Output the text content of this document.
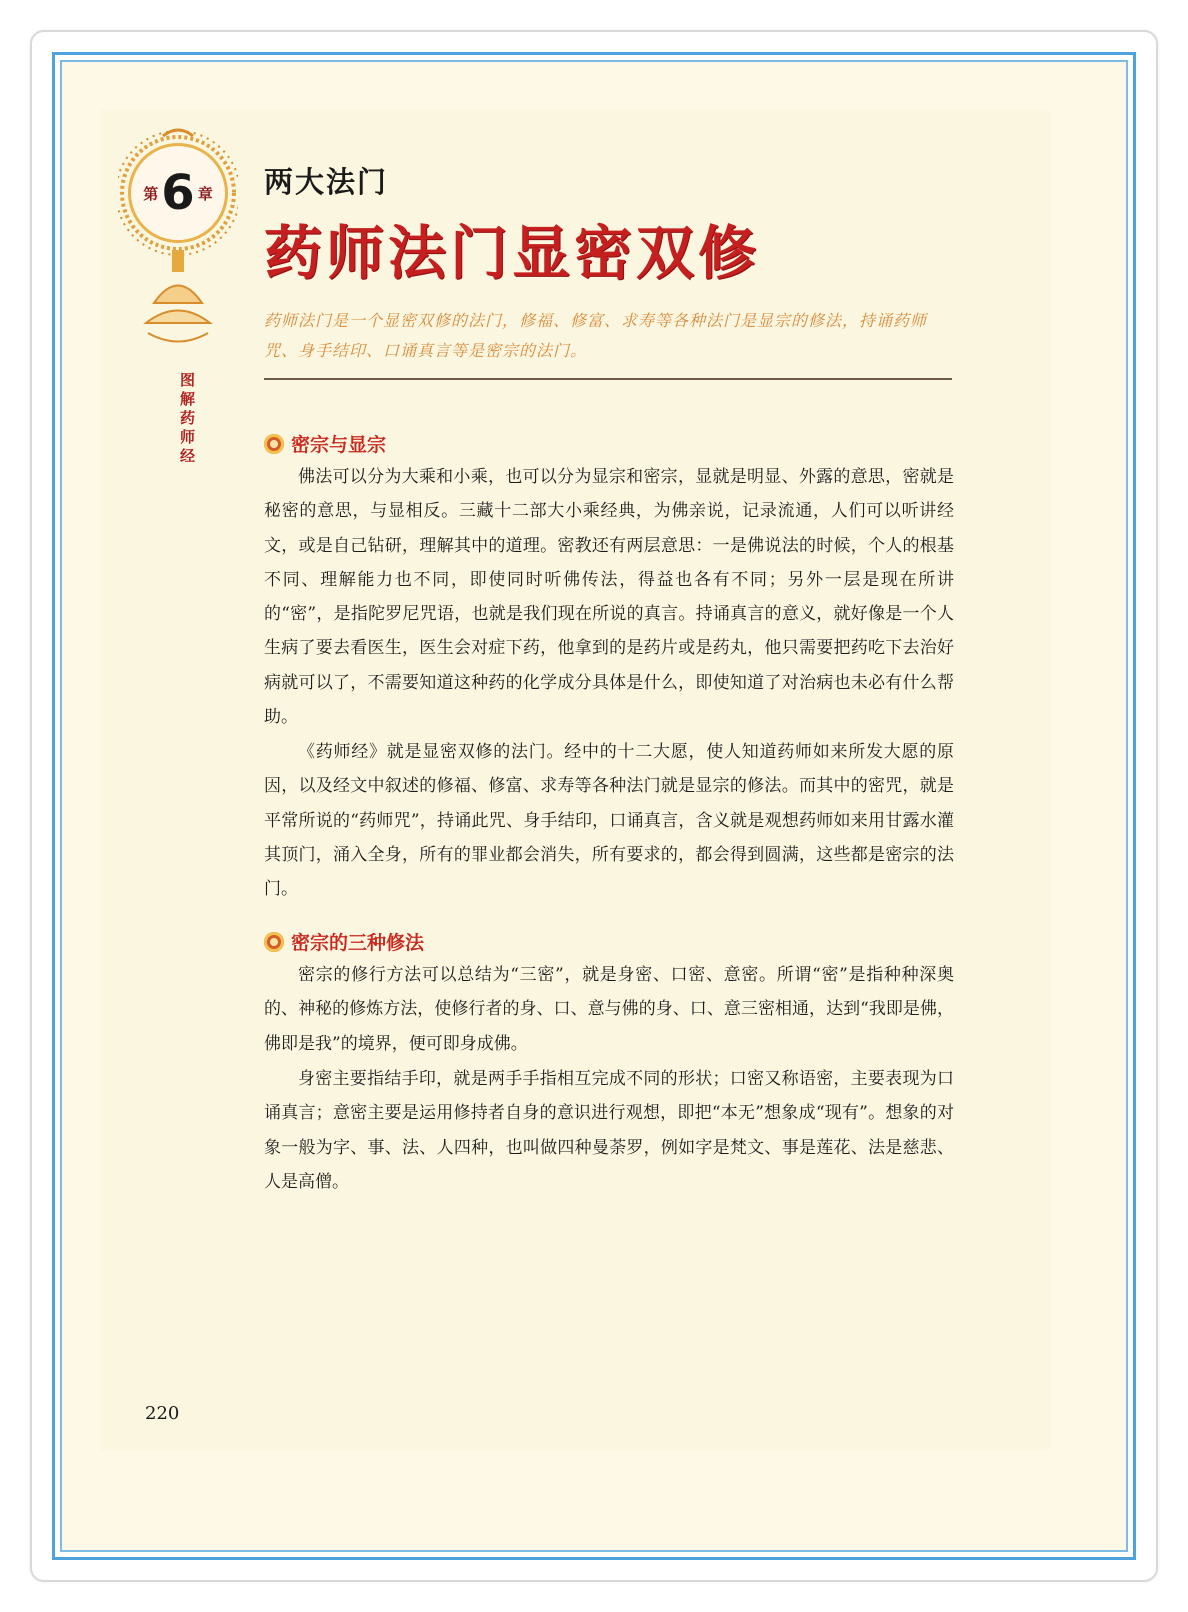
第 6 章
图解药师经
两大法门
药师法门显密双修
药师法门是一个显密双修的法门，修福、修富、求寿等各种法门是显宗的修法，持诵药师咒、身手结印、口诵真言等是密宗的法门。
密宗与显宗

佛法可以分为大乘和小乘，也可以分为显宗和密宗，显就是明显、外露的意思，密就是秘密的意思，与显相反。三藏十二部大小乘经典，为佛亲说，记录流通，人们可以听讲经文，或是自己钻研，理解其中的道理。密教还有两层意思：一是佛说法的时候，个人的根基不同、理解能力也不同，即使同时听佛传法，得益也各有不同；另外一层是现在所讲的“密”，是指陀罗尼咒语，也就是我们现在所说的真言。持诵真言的意义，就好像是一个人生病了要去看医生，医生会对症下药，他拿到的是药片或是药丸，他只需要把药吃下去治好病就可以了，不需要知道这种药的化学成分具体是什么，即使知道了对治病也未必有什么帮助。

《药师经》就是显密双修的法门。经中的十二大愿，使人知道药师如来所发大愿的原因，以及经文中叙述的修福、修富、求寿等各种法门就是显宗的修法。而其中的密咒，就是平常所说的“药师咒”，持诵此咒、身手结印，口诵真言，含义就是观想药师如来用甘露水灌其顶门，涌入全身，所有的罪业都会消失，所有要求的，都会得到圆满，这些都是密宗的法门。

密宗的三种修法

密宗的修行方法可以总结为“三密”，就是身密、口密、意密。所谓“密”是指种种深奥的、神秘的修炼方法，使修行者的身、口、意与佛的身、口、意三密相通，达到“我即是佛，佛即是我”的境界，便可即身成佛。

身密主要指结手印，就是两手手指相互完成不同的形状；口密又称语密，主要表现为口诵真言；意密主要是运用修持者自身的意识进行观想，即把“本无”想象成“现有”。想象的对象一般为字、事、法、人四种，也叫做四种曼荼罗，例如字是梵文、事是莲花、法是慈悲、人是高僧。

220
